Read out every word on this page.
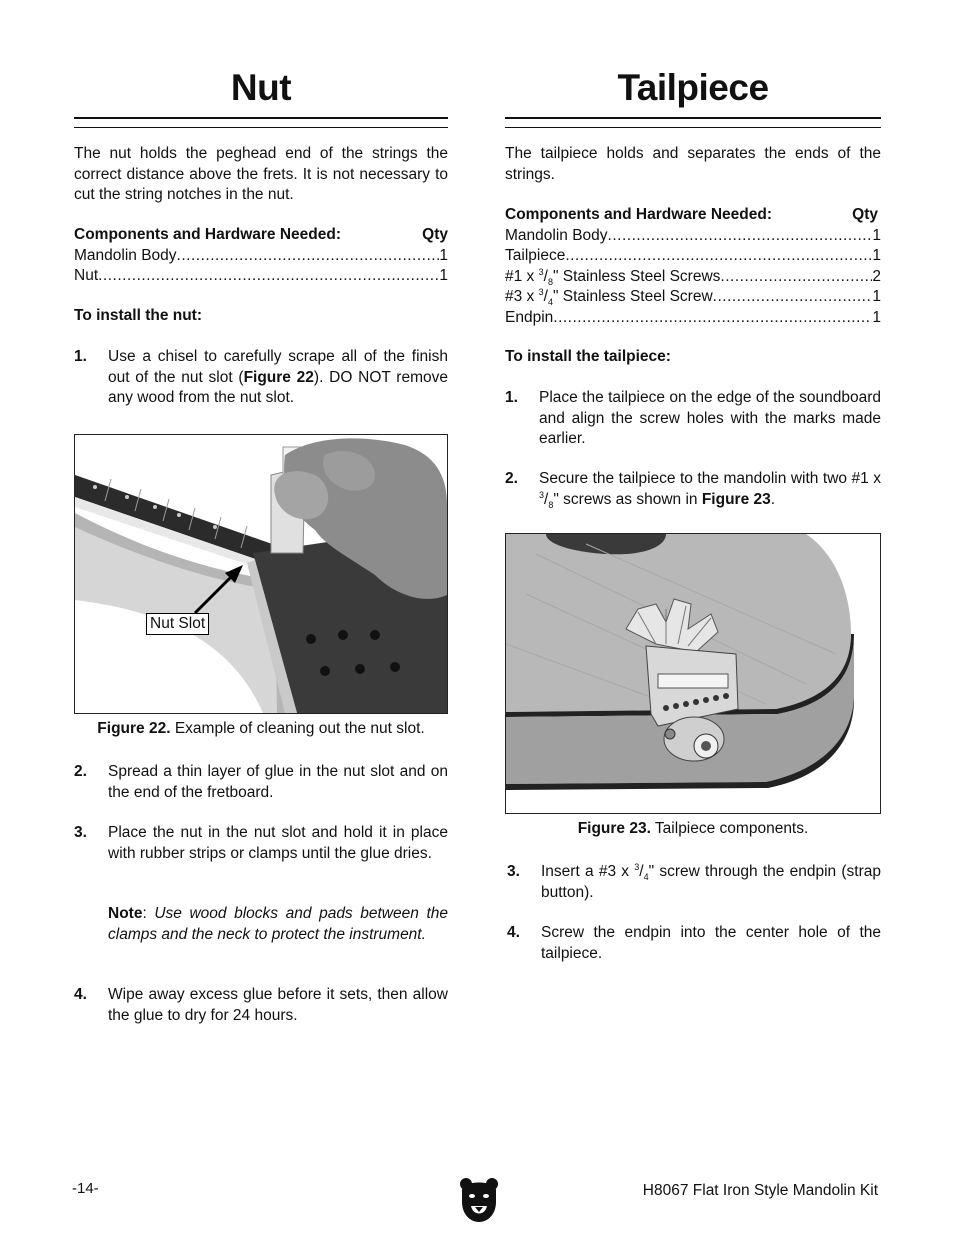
Nut

The nut holds the peghead end of the strings the correct distance above the frets. It is not necessary to cut the string notches in the nut.

Components and Hardware Needed:	Qty
Mandolin Body .....	1
Nut .....	1
To install the nut:
1.	Use a chisel to carefully scrape all of the finish out of the nut slot (Figure 22). DO NOT remove any wood from the nut slot.
Nut Slot
Figure 22. Example of cleaning out the nut slot.
2.	Spread a thin layer of glue in the nut slot and on the end of the fretboard.
3.	Place the nut in the nut slot and hold it in place with rubber strips or clamps until the glue dries.

Note: Use wood blocks and pads between the clamps and the neck to protect the instrument.

4.	Wipe away excess glue before it sets, then allow the glue to dry for 24 hours.
Tailpiece

The tailpiece holds and separates the ends of the strings.

Components and Hardware Needed:	Qty
Mandolin Body .....	1
Tailpiece .....	1
#1 x $^3/_8$" Stainless Steel Screws .....	2
#3 x $^3/_4$" Stainless Steel Screw .....	1
Endpin .....	1
To install the tailpiece:
1.	Place the tailpiece on the edge of the soundboard and align the screw holes with the marks made earlier.
2.	Secure the tailpiece to the mandolin with two #1 x $^3/_8$" screws as shown in Figure 23.
Figure 23. Tailpiece components.
3.	Insert a #3 x $^3/_4$" screw through the endpin (strap button).
4.	Screw the endpin into the center hole of the tailpiece.
-14-	H8067 Flat Iron Style Mandolin Kit
